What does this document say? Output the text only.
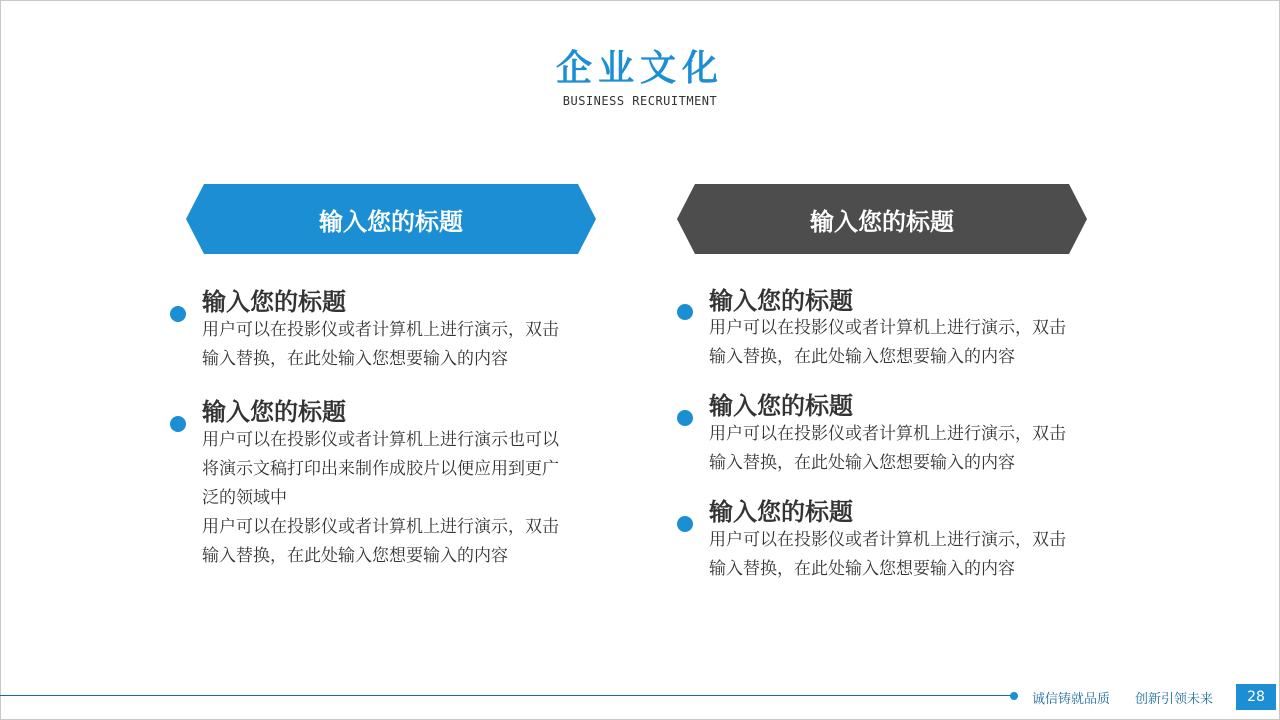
企业文化
BUSINESS RECRUITMENT
输入您的标题	输入您的标题
输入您的标题
用户可以在投影仪或者计算机上进行演示，双击
输入替换，在此处输入您想要输入的内容
输入您的标题
用户可以在投影仪或者计算机上进行演示也可以
将演示文稿打印出来制作成胶片以便应用到更广
泛的领域中
用户可以在投影仪或者计算机上进行演示，双击
输入替换，在此处输入您想要输入的内容
输入您的标题
用户可以在投影仪或者计算机上进行演示，双击
输入替换，在此处输入您想要输入的内容
输入您的标题
用户可以在投影仪或者计算机上进行演示，双击
输入替换，在此处输入您想要输入的内容
输入您的标题
用户可以在投影仪或者计算机上进行演示，双击
输入替换，在此处输入您想要输入的内容
诚信铸就品质 创新引领未来	28
